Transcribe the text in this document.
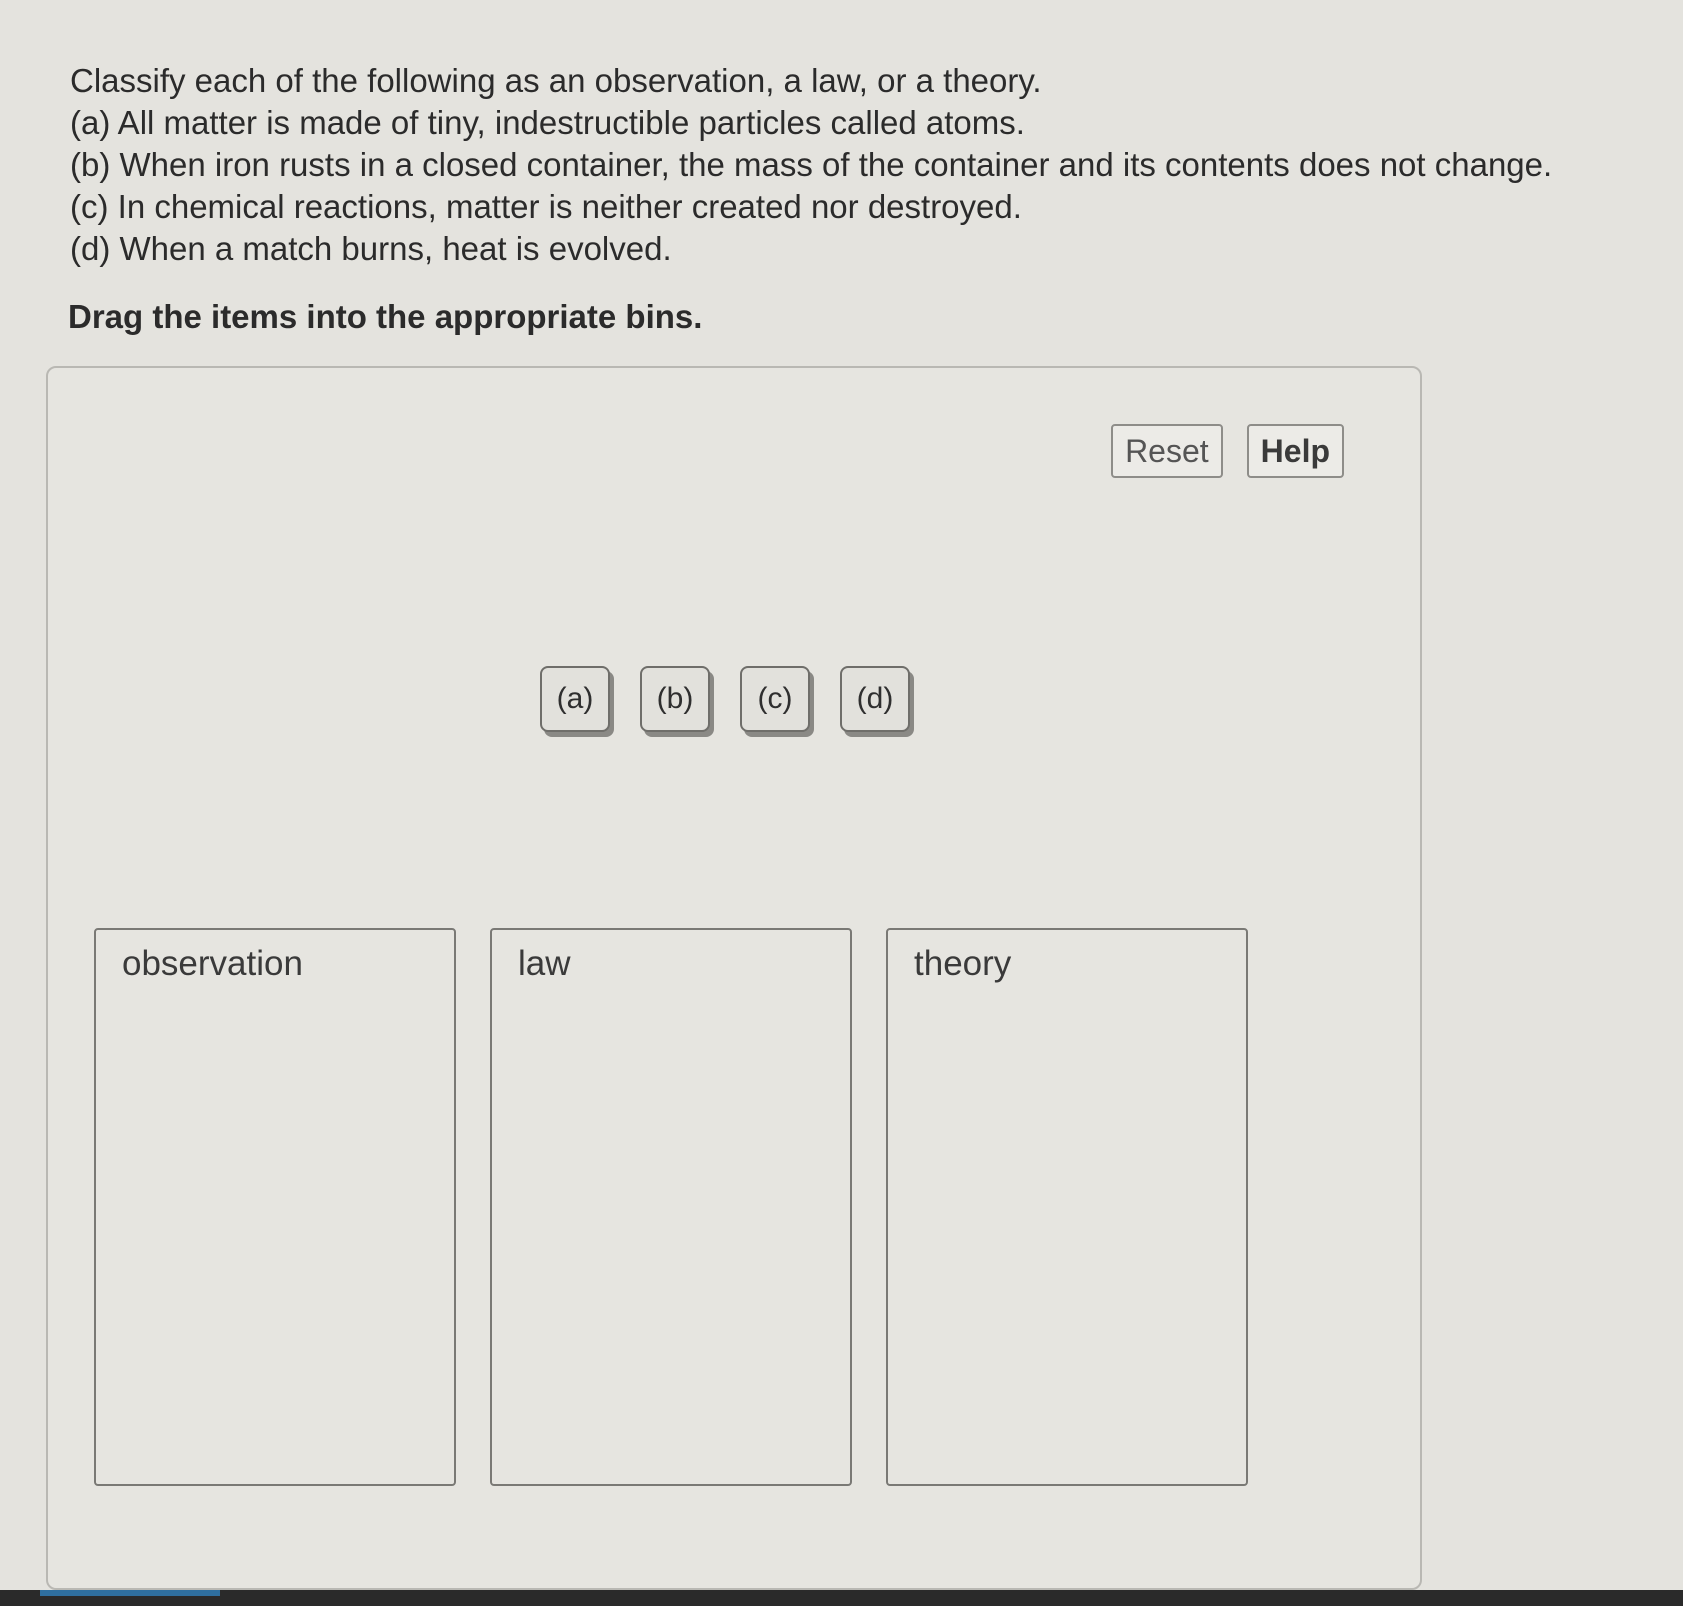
Classify each of the following as an observation, a law, or a theory.
(a) All matter is made of tiny, indestructible particles called atoms.
(b) When iron rusts in a closed container, the mass of the container and its contents does not change.
(c) In chemical reactions, matter is neither created nor destroyed.
(d) When a match burns, heat is evolved.
Drag the items into the appropriate bins.
Reset	Help
(a)	(b)	(c)	(d)
observation	law	theory
